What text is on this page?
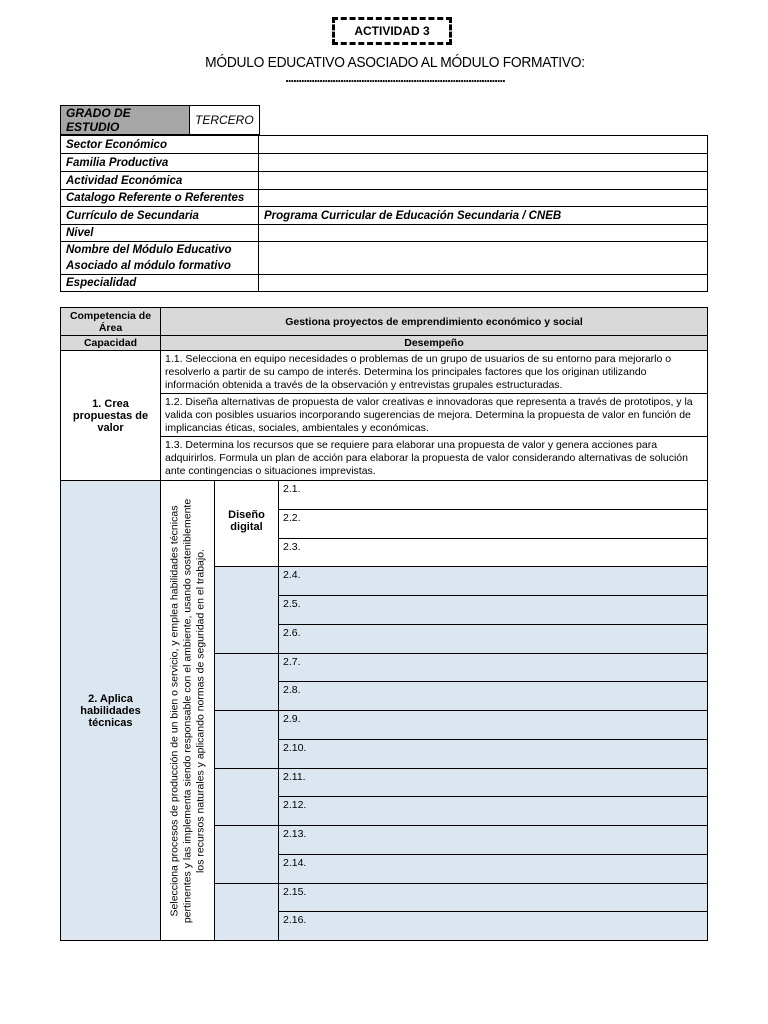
ACTIVIDAD 3
MÓDULO EDUCATIVO ASOCIADO AL MÓDULO FORMATIVO:
....................................................................................
GRADO DE ESTUDIO	TERCERO
Sector Económico	
Familia Productiva	
Actividad Económica	
Catalogo Referente o Referentes	
Currículo de Secundaria	Programa Curricular de Educación Secundaria / CNEB
Nivel	
Nombre del Módulo Educativo Asociado al módulo formativo	
Especialidad	
Competencia de Área	Gestiona proyectos de emprendimiento económico y social		
Capacidad	Desempeño		
1. Crea propuestas de valor	1.1. Selecciona en equipo necesidades o problemas de un grupo de usuarios de su entorno para mejorarlo o resolverlo a partir de su campo de interés. Determina los principales factores que los originan utilizando información obtenida a través de la observación y entrevistas grupales estructuradas.		
	1.2. Diseña alternativas de propuesta de valor creativas e innovadoras que representa a través de prototipos, y la valida con posibles usuarios incorporando sugerencias de mejora. Determina la propuesta de valor en función de implicancias éticas, sociales, ambientales y económicas.		
	1.3. Determina los recursos que se requiere para elaborar una propuesta de valor y genera acciones para adquirirlos. Formula un plan de acción para elaborar la propuesta de valor considerando alternativas de solución ante contingencias o situaciones imprevistas.		
2. Aplica habilidades técnicas	Selecciona procesos de producción de un bien o servicio, y emplea habilidades técnicas pertinentes y las implementa siendo responsable con el ambiente, usando sosteniblemente los recursos naturales y aplicando normas de seguridad en el trabajo.	Diseño digital	2.1.
			2.2.
			2.3.
			2.4.
			2.5.
			2.6.
			2.7.
			2.8.
			2.9.
			2.10.
			2.11.
			2.12.
			2.13.
			2.14.
			2.15.
			2.16.
